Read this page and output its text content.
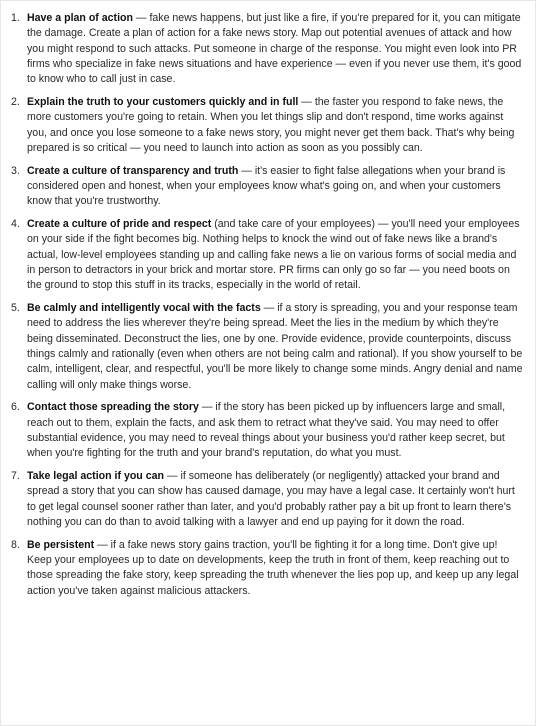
1. Have a plan of action — fake news happens, but just like a fire, if you're prepared for it, you can mitigate the damage. Create a plan of action for a fake news story. Map out potential avenues of attack and how you might respond to such attacks. Put someone in charge of the response. You might even look into PR firms who specialize in fake news situations and have experience — even if you never use them, it's good to know who to call just in case.
2. Explain the truth to your customers quickly and in full — the faster you respond to fake news, the more customers you're going to retain. When you let things slip and don't respond, time works against you, and once you lose someone to a fake news story, you might never get them back. That's why being prepared is so critical — you need to launch into action as soon as you possibly can.
3. Create a culture of transparency and truth — it's easier to fight false allegations when your brand is considered open and honest, when your employees know what's going on, and when your customers know that you're trustworthy.
4. Create a culture of pride and respect (and take care of your employees) — you'll need your employees on your side if the fight becomes big. Nothing helps to knock the wind out of fake news like a brand's actual, low-level employees standing up and calling fake news a lie on various forms of social media and in person to detractors in your brick and mortar store. PR firms can only go so far — you need boots on the ground to stop this stuff in its tracks, especially in the world of retail.
5. Be calmly and intelligently vocal with the facts — if a story is spreading, you and your response team need to address the lies wherever they're being spread. Meet the lies in the medium by which they're being disseminated. Deconstruct the lies, one by one. Provide evidence, provide counterpoints, discuss things calmly and rationally (even when others are not being calm and rational). If you show yourself to be calm, intelligent, clear, and respectful, you'll be more likely to change some minds. Angry denial and name calling will only make things worse.
6. Contact those spreading the story — if the story has been picked up by influencers large and small, reach out to them, explain the facts, and ask them to retract what they've said. You may need to offer substantial evidence, you may need to reveal things about your business you'd rather keep secret, but when you're fighting for the truth and your brand's reputation, do what you must.
7. Take legal action if you can — if someone has deliberately (or negligently) attacked your brand and spread a story that you can show has caused damage, you may have a legal case. It certainly won't hurt to get legal counsel sooner rather than later, and you'd probably rather pay a bit up front to learn there's nothing you can do than to avoid talking with a lawyer and end up paying for it down the road.
8. Be persistent — if a fake news story gains traction, you'll be fighting it for a long time. Don't give up! Keep your employees up to date on developments, keep the truth in front of them, keep reaching out to those spreading the fake story, keep spreading the truth whenever the lies pop up, and keep up any legal action you've taken against malicious attackers.
